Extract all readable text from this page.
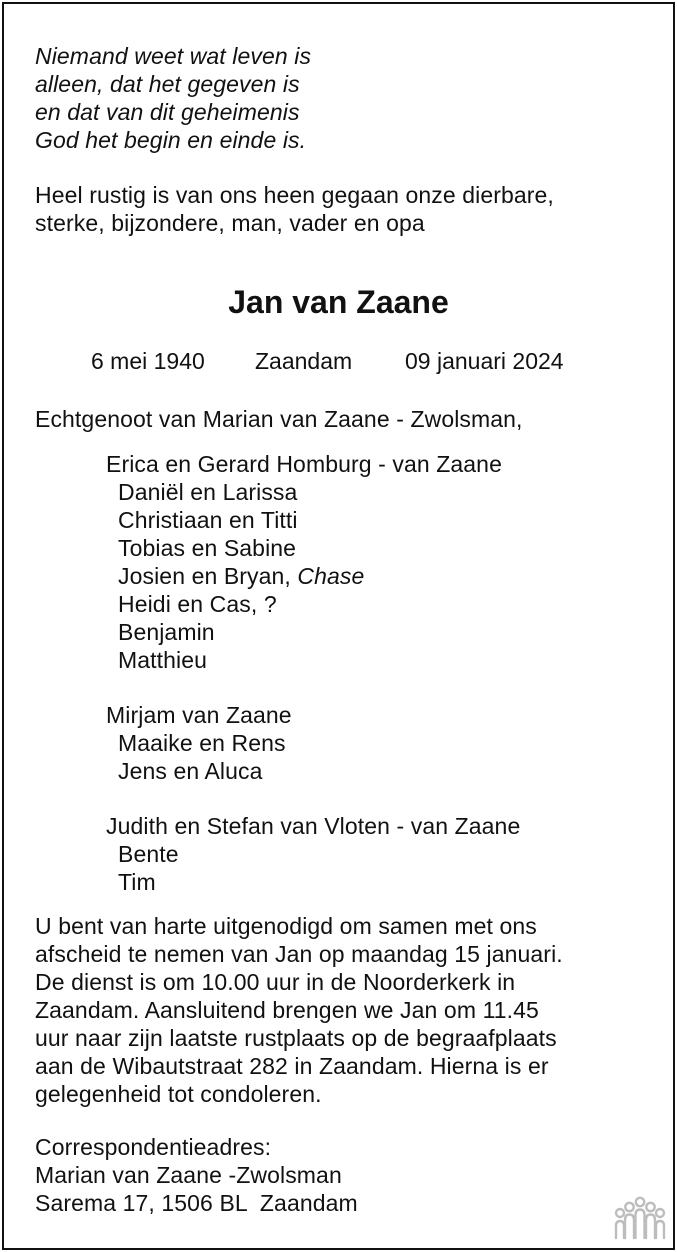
Niemand weet wat leven is
alleen, dat het gegeven is
en dat van dit geheimenis
God het begin en einde is.
Heel rustig is van ons heen gegaan onze dierbare,
sterke, bijzondere, man, vader en opa
Jan van Zaane
6 mei 1940 Zaandam 09 januari 2024
Echtgenoot van Marian van Zaane - Zwolsman,
Erica en Gerard Homburg - van Zaane
Daniël en Larissa
Christiaan en Titti
Tobias en Sabine
Josien en Bryan, Chase
Heidi en Cas, ?
Benjamin
Matthieu
Mirjam van Zaane
Maaike en Rens
Jens en Aluca
Judith en Stefan van Vloten - van Zaane
Bente
Tim
U bent van harte uitgenodigd om samen met ons
afscheid te nemen van Jan op maandag 15 januari.
De dienst is om 10.00 uur in de Noorderkerk in
Zaandam. Aansluitend brengen we Jan om 11.45
uur naar zijn laatste rustplaats op de begraafplaats
aan de Wibautstraat 282 in Zaandam. Hierna is er
gelegenheid tot condoleren.
Correspondentieadres:
Marian van Zaane -Zwolsman
Sarema 17, 1506 BL  Zaandam
